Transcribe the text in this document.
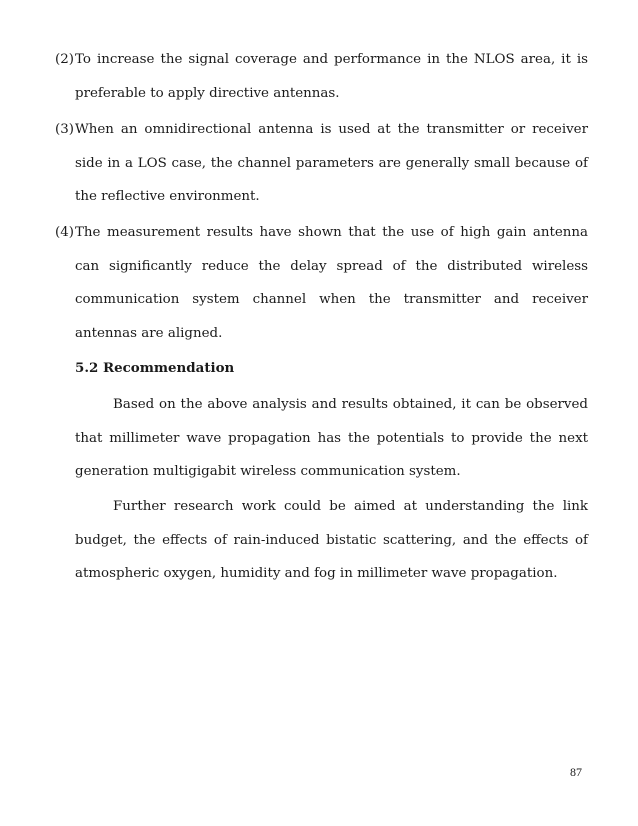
(2)To increase the signal coverage and performance in the NLOS area, it is preferable to apply directive antennas.
(3)When an omnidirectional antenna is used at the transmitter or receiver side in a LOS case, the channel parameters are generally small because of the reflective environment.
(4)The measurement results have shown that the use of high gain antenna can significantly reduce the delay spread of the distributed wireless communication system channel when the transmitter and receiver antennas are aligned.
5.2 Recommendation

Based on the above analysis and results obtained, it can be observed that millimeter wave propagation has the potentials to provide the next generation multigigabit wireless communication system.

Further research work could be aimed at understanding the link budget, the effects of rain-induced bistatic scattering, and the effects of atmospheric oxygen, humidity and fog in millimeter wave propagation.

87
